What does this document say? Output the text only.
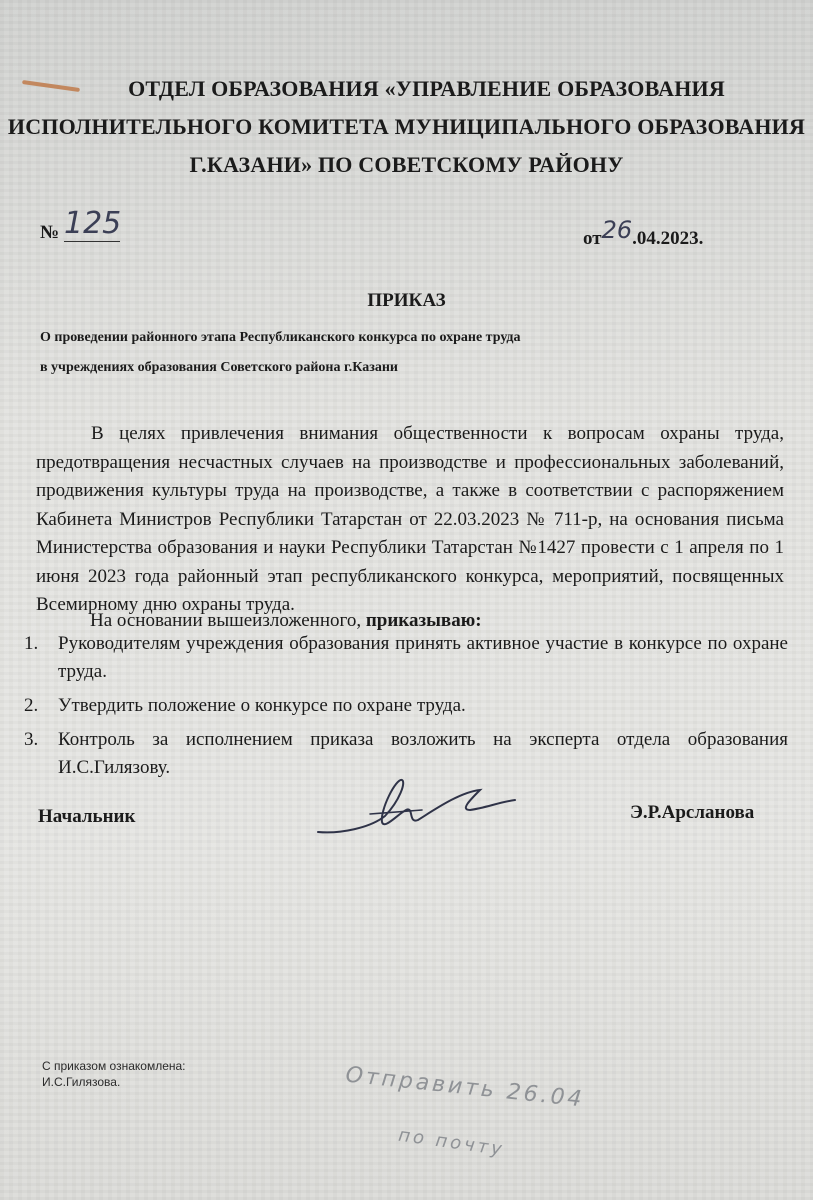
ОТДЕЛ ОБРАЗОВАНИЯ «УПРАВЛЕНИЕ ОБРАЗОВАНИЯ
ИСПОЛНИТЕЛЬНОГО КОМИТЕТА МУНИЦИПАЛЬНОГО ОБРАЗОВАНИЯ
Г.КАЗАНИ» ПО СОВЕТСКОМУ РАЙОНУ
№ 125	от26.04.2023.
ПРИКАЗ
О проведении районного этапа Республиканского конкурса по охране труда
в учреждениях образования Советского района г.Казани

В целях привлечения внимания общественности к вопросам охраны труда, предотвращения несчастных случаев на производстве и профессиональных заболеваний, продвижения культуры труда на производстве, а также в соответствии с распоряжением Кабинета Министров Республики Татарстан от 22.03.2023 № 711-р, на основания письма Министерства образования и науки Республики Татарстан №1427 провести с 1 апреля по 1 июня 2023 года районный этап республиканского конкурса, мероприятий, посвященных Всемирному дню охраны труда.

На основании вышеизложенного, приказываю:
1. Руководителям учреждения образования принять активное участие в конкурсе по охране труда.
2. Утвердить положение о конкурсе по охране труда.
3. Контроль за исполнением приказа возложить на эксперта отдела образования И.С.Гилязову.
Начальник	Э.Р.Арсланова
С приказом ознакомлена:
И.С.Гилязова.	Отправить 26.04
по почту
